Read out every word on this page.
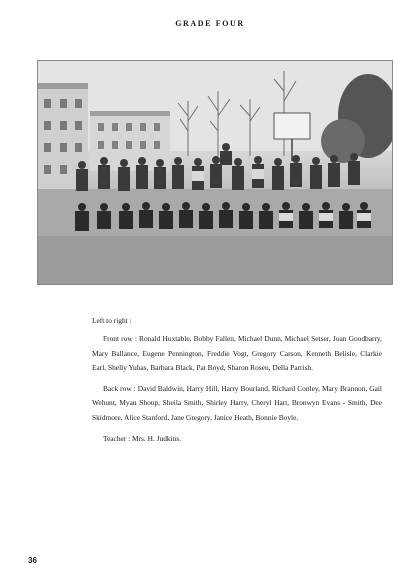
GRADE FOUR

Left to right :

Front row : Ronald Huxtable, Bobby Fallen, Michael Dunn, Michael Setser, Joan Goodbarry, Mary Ballance, Eugene Pennington, Freddie Vogt, Gregory Carson, Kenneth Belisle, Clarkie Earl, Shelly Yuhas, Barbara Black, Pat Boyd, Sharon Rosen, Della Parrish.

Back row : David Baldwin, Harry Hill, Harry Bourland, Richard Conley, Mary Brannon, Gail Wehunt, Myan Shoup, Sheila Smith, Shirley Harry, Cheryl Hart, Bronwyn Evans - Smith, Dee Skidmore, Alice Stanford, Jane Gregory, Janice Heath, Bonnie Boyle.

Teacher : Mrs. H. Judkins.

36
